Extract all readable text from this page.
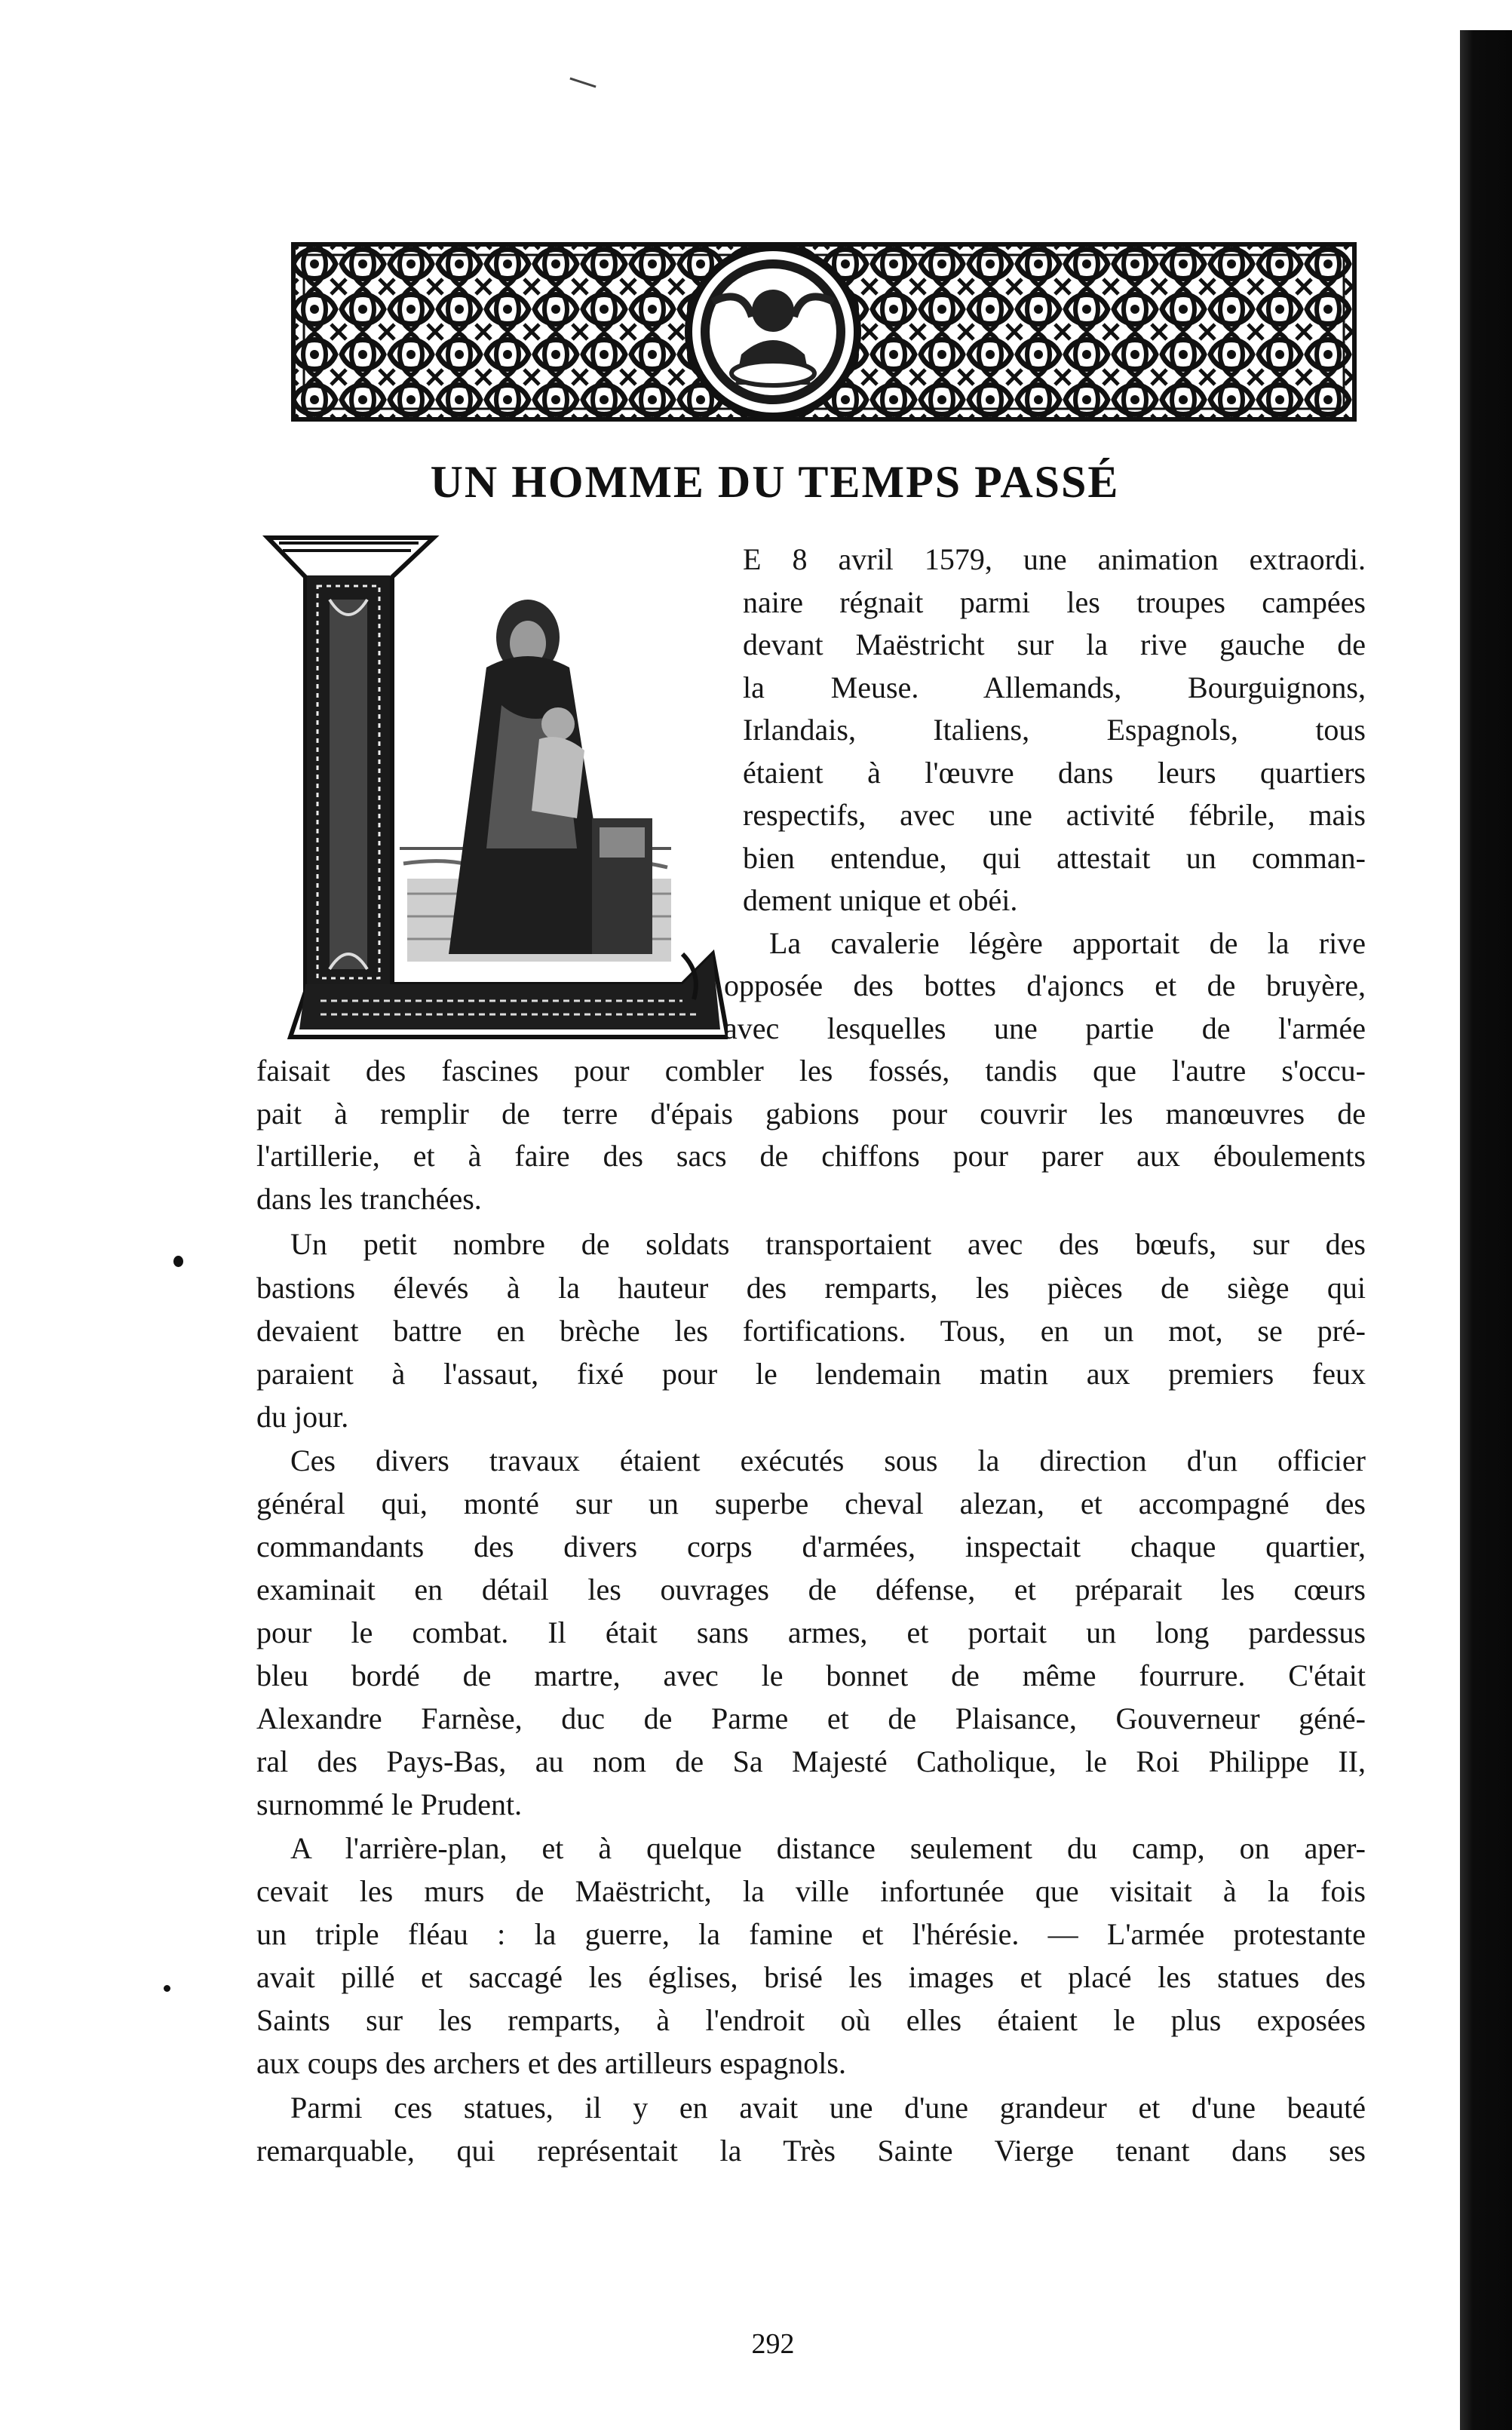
UN HOMME DU TEMPS PASSÉ
E 8 avril 1579, une animation extraordi.
naire régnait parmi les troupes campées
devant Maëstricht sur la rive gauche de
la Meuse. Allemands, Bourguignons,
Irlandais, Italiens, Espagnols, tous
étaient à l'œuvre dans leurs quartiers
respectifs, avec une activité fébrile, mais
bien entendue, qui attestait un comman-
dement unique et obéi.
La cavalerie légère apportait de la rive
opposée des bottes d'ajoncs et de bruyère,
avec lesquelles une partie de l'armée
faisait des fascines pour combler les fossés, tandis que l'autre s'occu-
pait à remplir de terre d'épais gabions pour couvrir les manœuvres de
l'artillerie, et à faire des sacs de chiffons pour parer aux éboulements
dans les tranchées.
Un petit nombre de soldats transportaient avec des bœufs, sur des
bastions élevés à la hauteur des remparts, les pièces de siège qui
devaient battre en brèche les fortifications. Tous, en un mot, se pré-
paraient à l'assaut, fixé pour le lendemain matin aux premiers feux
du jour.
Ces divers travaux étaient exécutés sous la direction d'un officier
général qui, monté sur un superbe cheval alezan, et accompagné des
commandants des divers corps d'armées, inspectait chaque quartier,
examinait en détail les ouvrages de défense, et préparait les cœurs
pour le combat. Il était sans armes, et portait un long pardessus
bleu bordé de martre, avec le bonnet de même fourrure. C'était
Alexandre Farnèse, duc de Parme et de Plaisance, Gouverneur géné-
ral des Pays-Bas, au nom de Sa Majesté Catholique, le Roi Philippe II,
surnommé le Prudent.
A l'arrière-plan, et à quelque distance seulement du camp, on aper-
cevait les murs de Maëstricht, la ville infortunée que visitait à la fois
un triple fléau : la guerre, la famine et l'hérésie. — L'armée protestante
avait pillé et saccagé les églises, brisé les images et placé les statues des
Saints sur les remparts, à l'endroit où elles étaient le plus exposées
aux coups des archers et des artilleurs espagnols.
Parmi ces statues, il y en avait une d'une grandeur et d'une beauté
remarquable, qui représentait la Très Sainte Vierge tenant dans ses
292
